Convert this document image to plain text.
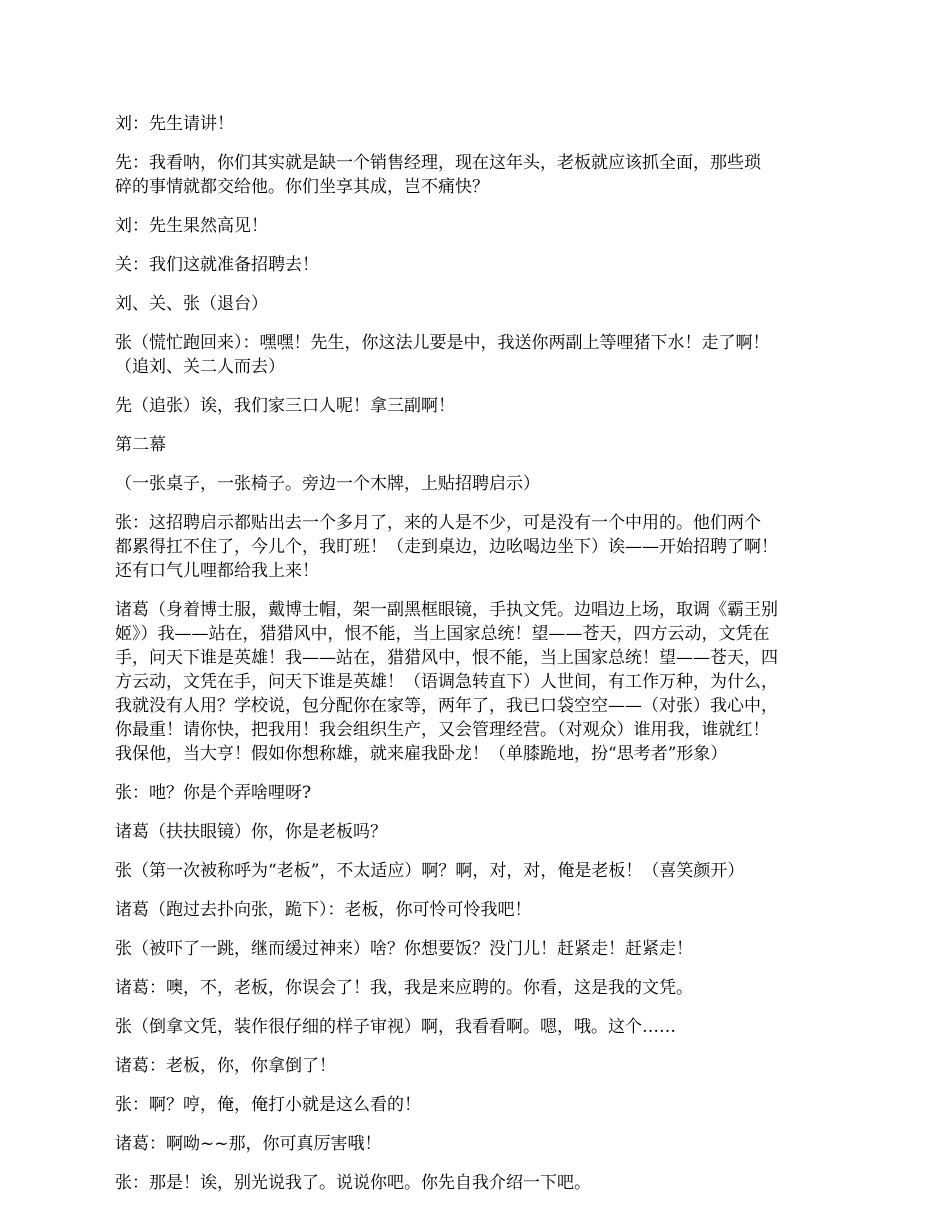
刘：先生请讲！

先：我看呐，你们其实就是缺一个销售经理，现在这年头，老板就应该抓全面，那些琐
碎的事情就都交给他。你们坐享其成，岂不痛快？

刘：先生果然高见！

关：我们这就准备招聘去！

刘、关、张（退台）

张（慌忙跑回来）：嘿嘿！先生，你这法儿要是中，我送你两副上等哩猪下水！走了啊！
（追刘、关二人而去）

先（追张）诶，我们家三口人呢！拿三副啊！

第二幕

（一张桌子，一张椅子。旁边一个木牌，上贴招聘启示）

张：这招聘启示都贴出去一个多月了，来的人是不少，可是没有一个中用的。他们两个
都累得扛不住了，今儿个，我盯班！（走到桌边，边吆喝边坐下）诶——开始招聘了啊！
还有口气儿哩都给我上来！

诸葛（身着博士服，戴博士帽，架一副黑框眼镜，手执文凭。边唱边上场，取调《霸王别
姬》）我——站在，猎猎风中，恨不能，当上国家总统！望——苍天，四方云动，文凭在
手，问天下谁是英雄！我——站在，猎猎风中，恨不能，当上国家总统！望——苍天，四
方云动，文凭在手，问天下谁是英雄！（语调急转直下）人世间，有工作万种，为什么，
我就没有人用？学校说，包分配你在家等，两年了，我已口袋空空——（对张）我心中，
你最重！请你快，把我用！我会组织生产，又会管理经营。（对观众）谁用我，谁就红！
我保他，当大亨！假如你想称雄，就来雇我卧龙！（单膝跪地，扮“思考者”形象）

张：吔？你是个弄啥哩呀?

诸葛（扶扶眼镜）你，你是老板吗？

张（第一次被称呼为“老板”，不太适应）啊？啊，对，对，俺是老板！（喜笑颜开）

诸葛（跑过去扑向张，跪下）：老板，你可怜可怜我吧！

张（被吓了一跳，继而缓过神来）啥？你想要饭？没门儿！赶紧走！赶紧走！

诸葛：噢，不，老板，你误会了！我，我是来应聘的。你看，这是我的文凭。

张（倒拿文凭，装作很仔细的样子审视）啊，我看看啊。嗯，哦。这个……

诸葛：老板，你，你拿倒了！

张：啊？哼，俺，俺打小就是这么看的！

诸葛：啊呦~~那，你可真厉害哦！

张：那是！诶，别光说我了。说说你吧。你先自我介绍一下吧。
